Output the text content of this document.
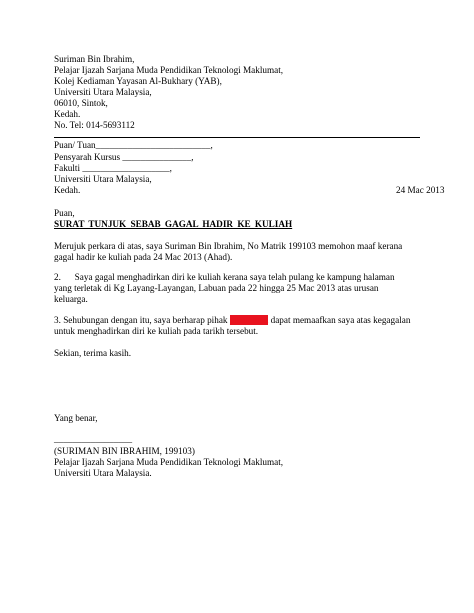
Suriman Bin Ibrahim,

Pelajar Ijazah Sarjana Muda Pendidikan Teknologi Maklumat,

Kolej Kediaman Yayasan Al-Bukhary (YAB),

Universiti Utara Malaysia,

06010, Sintok,

Kedah.

No. Tel: 014-5693112

Puan/ Tuan_________________________,

Pensyarah Kursus _______________,

Fakulti ___________________,

Universiti Utara Malaysia,

Kedah.	24 Mac 2013

Puan,

SURAT TUNJUK SEBAB GAGAL HADIR KE KULIAH

Merujuk perkara di atas, saya Suriman Bin Ibrahim, No Matrik 199103 memohon maaf kerana

gagal hadir ke kuliah pada 24 Mac 2013 (Ahad).

2.      Saya gagal menghadirkan diri ke kuliah kerana saya telah pulang ke kampung halaman

yang terletak di Kg Layang-Layangan, Labuan pada 22 hingga 25 Mac 2013 atas urusan

keluarga.

3. Sehubungan dengan itu, saya berharap pihak puan/ tuan dapat memaafkan saya atas kegagalan

untuk menghadirkan diri ke kuliah pada tarikh tersebut.

Sekian, terima kasih.

Yang benar,

_________________

(SURIMAN BIN IBRAHIM, 199103)

Pelajar Ijazah Sarjana Muda Pendidikan Teknologi Maklumat,

Universiti Utara Malaysia.
